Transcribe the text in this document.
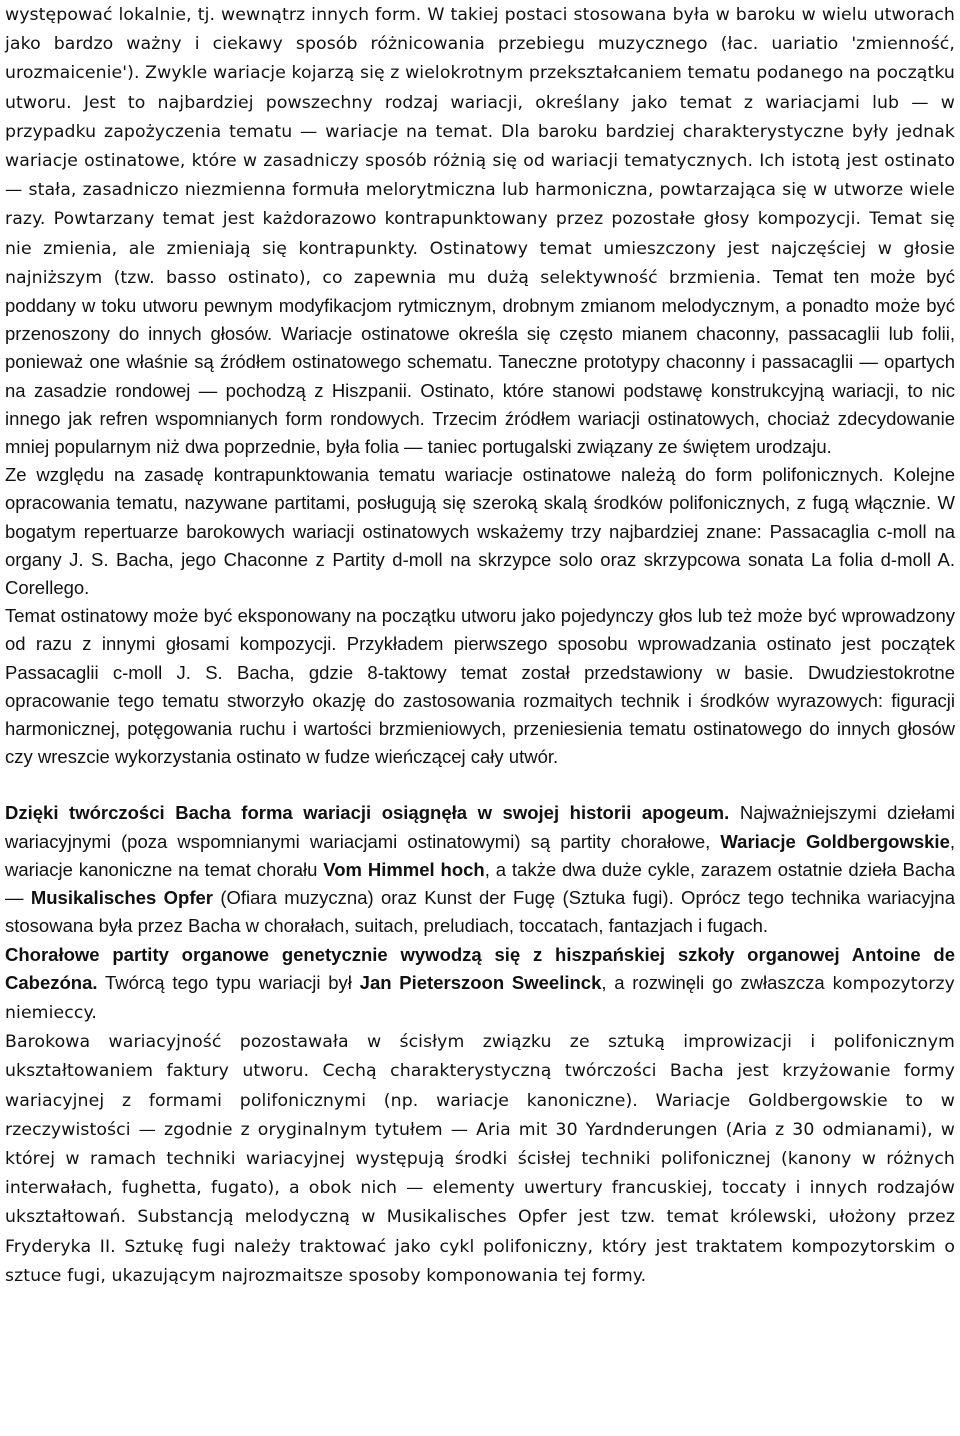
występować lokalnie, tj. wewnątrz innych form. W takiej postaci stosowana była w baroku w wielu utworach jako bardzo ważny i ciekawy sposób różnicowania przebiegu muzycznego (łac. uariatio 'zmienność, urozmaicenie'). Zwykle wariacje kojarzą się z wielokrotnym przekształcaniem tematu podanego na początku utworu. Jest to najbardziej powszechny rodzaj wariacji, określany jako temat z wariacjami lub — w przypadku zapożyczenia tematu — wariacje na temat. Dla baroku bardziej charakterystyczne były jednak wariacje ostinatowe, które w zasadniczy sposób różnią się od wariacji tematycznych. Ich istotą jest ostinato — stała, zasadniczo niezmienna formuła melorytmiczna lub harmoniczna, powtarzająca się w utworze wiele razy. Powtarzany temat jest każdorazowo kontrapunktowany przez pozostałe głosy kompozycji. Temat się nie zmienia, ale zmieniają się kontrapunkty. Ostinatowy temat umieszczony jest najczęściej w głosie najniższym (tzw. basso ostinato), co zapewnia mu dużą selektywność brzmienia. Temat ten może być poddany w toku utworu pewnym modyfikacjom rytmicznym, drobnym zmianom melodycznym, a ponadto może być przenoszony do innych głosów. Wariacje ostinatowe określa się często mianem chaconny, passacaglii lub folii, ponieważ one właśnie są źródłem ostinatowego schematu. Taneczne prototypy chaconny i passacaglii — opartych na zasadzie rondowej — pochodzą z Hiszpanii. Ostinato, które stanowi podstawę konstrukcyjną wariacji, to nic innego jak refren wspomnianych form rondowych. Trzecim źródłem wariacji ostinatowych, chociaż zdecydowanie mniej popularnym niż dwa poprzednie, była folia — taniec portugalski związany ze świętem urodzaju.

Ze względu na zasadę kontrapunktowania tematu wariacje ostinatowe należą do form polifonicznych. Kolejne opracowania tematu, nazywane partitami, posługują się szeroką skalą środków polifonicznych, z fugą włącznie. W bogatym repertuarze barokowych wariacji ostinatowych wskażemy trzy najbardziej znane: Passacaglia c-moll na organy J. S. Bacha, jego Chaconne z Partity d-moll na skrzypce solo oraz skrzypcowa sonata La folia d-moll A. Corellego.

Temat ostinatowy może być eksponowany na początku utworu jako pojedynczy głos lub też może być wprowadzony od razu z innymi głosami kompozycji. Przykładem pierwszego sposobu wprowadzania ostinato jest początek Passacaglii c-moll J. S. Bacha, gdzie 8-taktowy temat został przedstawiony w basie. Dwudziestokrotne opracowanie tego tematu stworzyło okazję do zastosowania rozmaitych technik i środków wyrazowych: figuracji harmonicznej, potęgowania ruchu i wartości brzmieniowych, przeniesienia tematu ostinatowego do innych głosów czy wreszcie wykorzystania ostinato w fudze wieńczącej cały utwór.

Dzięki twórczości Bacha forma wariacji osiągnęła w swojej historii apogeum. Najważniejszymi dziełami wariacyjnymi (poza wspomnianymi wariacjami ostinatowymi) są partity chorałowe, Wariacje Goldbergowskie, wariacje kanoniczne na temat chorału Vom Himmel hoch, a także dwa duże cykle, zarazem ostatnie dzieła Bacha — Musikalisches Opfer (Ofiara muzyczna) oraz Kunst der Fugę (Sztuka fugi). Oprócz tego technika wariacyjna stosowana była przez Bacha w chorałach, suitach, preludiach, toccatach, fantazjach i fugach.

Chorałowe partity organowe genetycznie wywodzą się z hiszpańskiej szkoły organowej Antoine de Cabezóna. Twórcą tego typu wariacji był Jan Pieterszoon Sweelinck, a rozwinęli go zwłaszcza kompozytorzy niemieccy.

Barokowa wariacyjność pozostawała w ścisłym związku ze sztuką improwizacji i polifonicznym ukształtowaniem faktury utworu. Cechą charakterystyczną twórczości Bacha jest krzyżowanie formy wariacyjnej z formami polifonicznymi (np. wariacje kanoniczne). Wariacje Goldbergowskie to w rzeczywistości — zgodnie z oryginalnym tytułem — Aria mit 30 Yardnderungen (Aria z 30 odmianami), w której w ramach techniki wariacyjnej występują środki ścisłej techniki polifonicznej (kanony w różnych interwałach, fughetta, fugato), a obok nich — elementy uwertury francuskiej, toccaty i innych rodzajów ukształtowań. Substancją melodyczną w Musikalisches Opfer jest tzw. temat królewski, ułożony przez Fryderyka II. Sztukę fugi należy traktować jako cykl polifoniczny, który jest traktatem kompozytorskim o sztuce fugi, ukazującym najrozmaitsze sposoby komponowania tej formy.
